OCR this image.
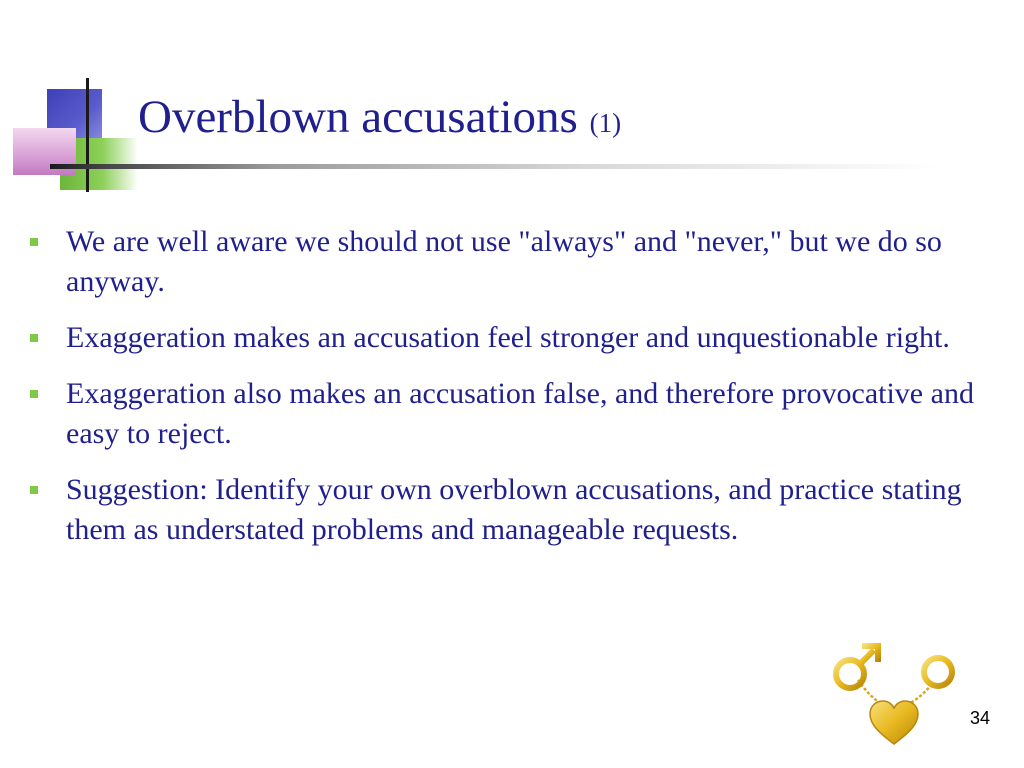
Overblown accusations (1)
We are well aware we should not use "always" and "never," but we do so anyway.
Exaggeration makes an accusation feel stronger and unquestionable right.
Exaggeration also makes an accusation false, and therefore provocative and easy to reject.
Suggestion: Identify your own overblown accusations, and practice stating them as understated problems and manageable requests.
34
